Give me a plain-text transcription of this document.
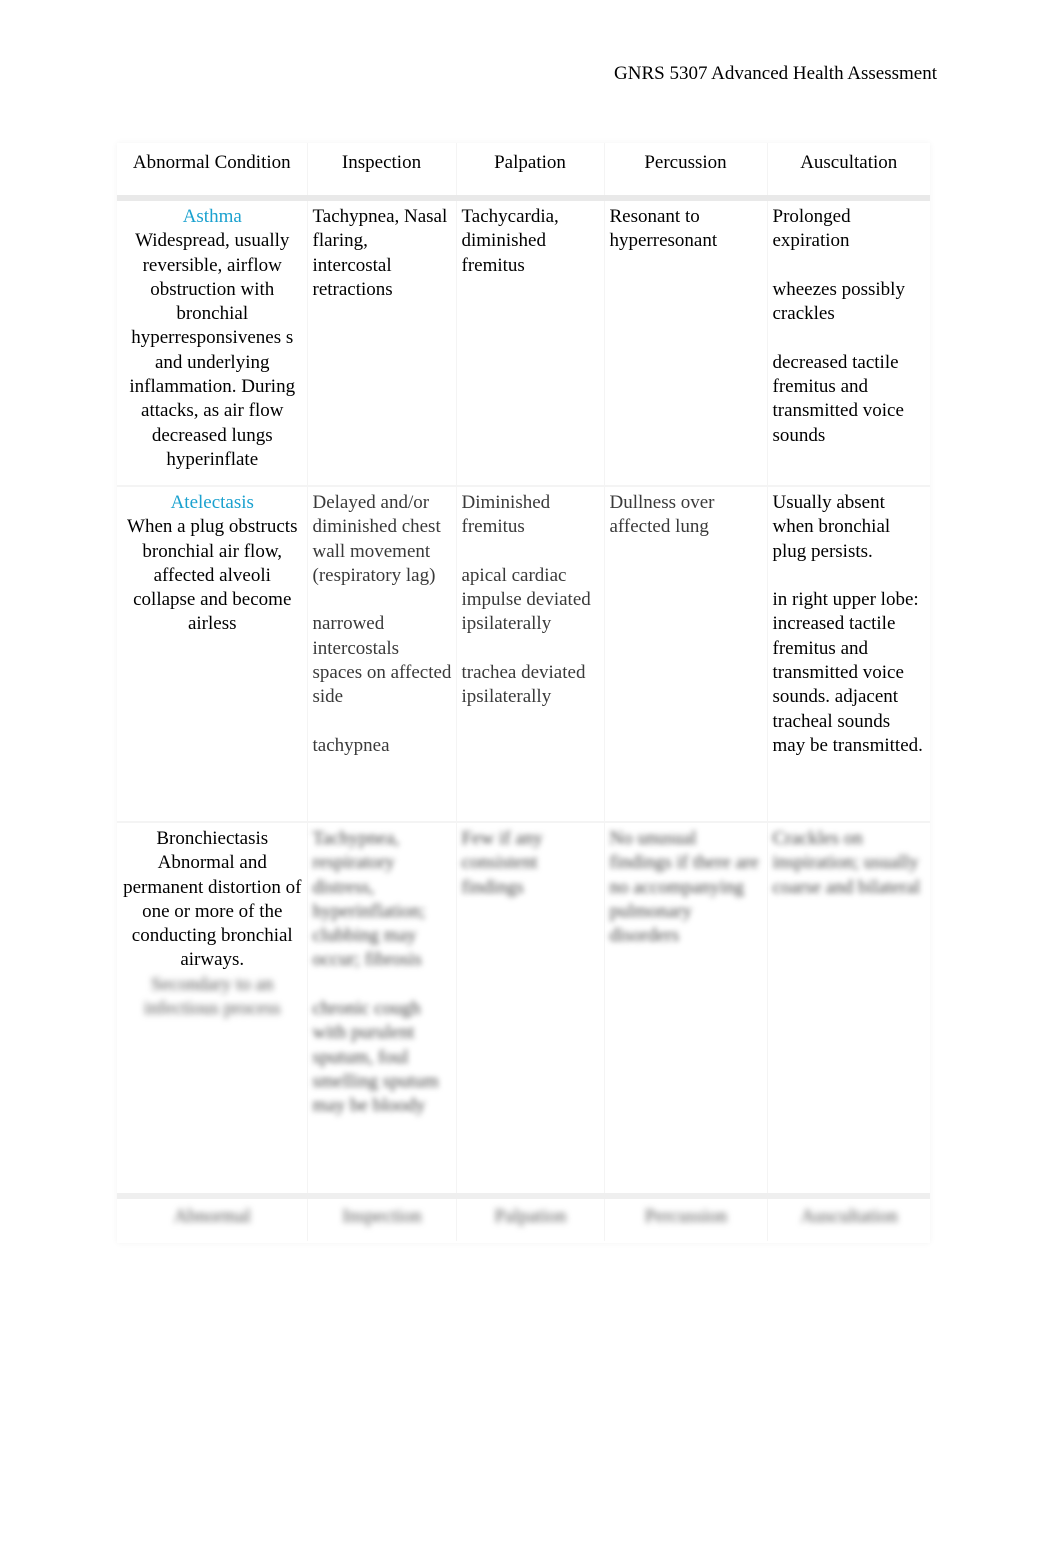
GNRS 5307 Advanced Health Assessment
Abnormal Condition	Inspection	Palpation	Percussion	Auscultation

Asthma
Widespread, usually reversible, airflow obstruction with bronchial hyperresponsivenes s and underlying inflammation. During attacks, as air flow decreased lungs hyperinflate	Tachypnea, Nasal flaring, intercostal retractions	Tachycardia, diminished fremitus	Resonant to hyperresonant	Prolonged expiration
wheezes possibly crackles
decreased tactile fremitus and transmitted voice sounds

Atelectasis
When a plug obstructs bronchial air flow, affected alveoli collapse and become airless	Delayed and/or diminished chest wall movement (respiratory lag)
narrowed intercostals spaces on affected side
tachypnea	Diminished fremitus
apical cardiac impulse deviated ipsilaterally
trachea deviated ipsilaterally	Dullness over affected lung	Usually absent when bronchial plug persists.
in right upper lobe: increased tactile fremitus and transmitted voice sounds. adjacent tracheal sounds may be transmitted.

Bronchiectasis
Abnormal and permanent distortion of one or more of the conducting bronchial airways.
Secondary to an infectious process	Tachypnea, respiratory distress, hyperinflation; clubbing may occur; fibrosis
chronic cough with purulent sputum, foul smelling sputum may be bloody	Few if any consistent findings	No unusual findings if there are no accompanying pulmonary disorders	Crackles on inspiration; usually coarse and bilateral

Abnormal	Inspection	Palpation	Percussion	Auscultation
